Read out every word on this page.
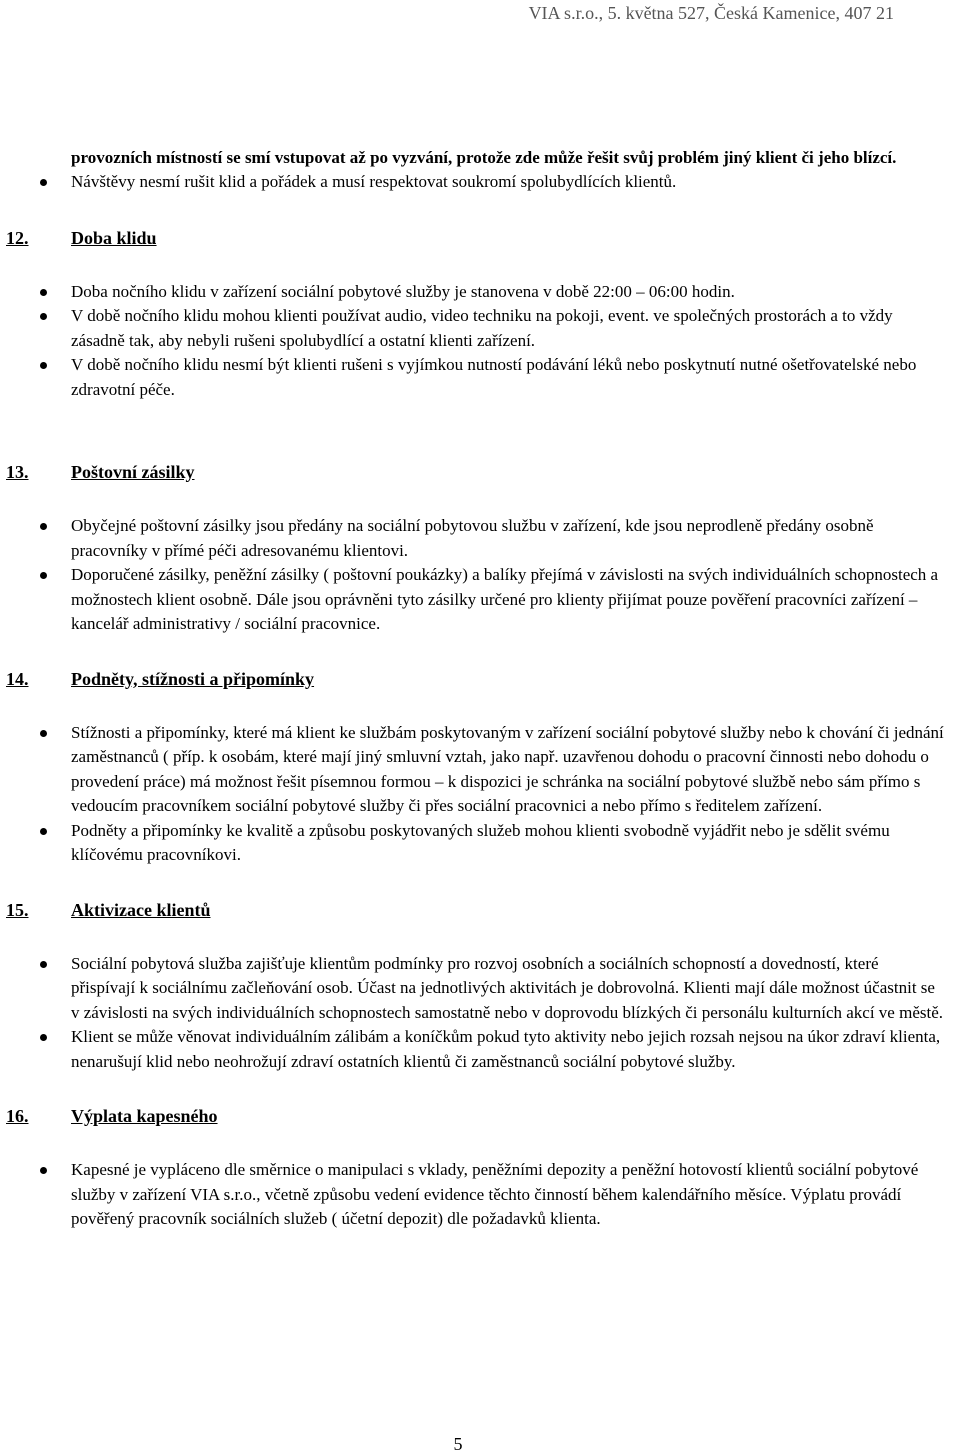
VIA s.r.o., 5. května 527, Česká Kamenice, 407 21
provozních místností se smí vstupovat až po vyzvání, protože zde může řešit svůj problém jiný klient či jeho blízcí.
Návštěvy nesmí rušit klid a pořádek a musí respektovat soukromí spolubydlících klientů.
12. Doba klidu
Doba nočního klidu v zařízení sociální pobytové služby je stanovena v době 22:00 – 06:00 hodin.
V době nočního klidu mohou klienti používat audio, video techniku na pokoji, event. ve společných prostorách a to vždy zásadně tak, aby nebyli rušeni spolubydlící a ostatní klienti zařízení.
V době nočního klidu nesmí být klienti rušeni s vyjímkou nutností podávání léků nebo poskytnutí nutné ošetřovatelské nebo zdravotní péče.
13. Poštovní zásilky
Obyčejné poštovní zásilky jsou předány na sociální pobytovou službu v zařízení, kde jsou neprodleně předány osobně pracovníky v přímé péči adresovanému klientovi.
Doporučené zásilky, peněžní zásilky ( poštovní poukázky) a balíky přejímá v závislosti na svých individuálních schopnostech a možnostech klient osobně. Dále jsou oprávněni tyto zásilky určené pro klienty přijímat pouze pověření pracovníci zařízení – kancelář administrativy / sociální pracovnice.
14. Podněty, stížnosti a připomínky
Stížnosti a připomínky, které má klient ke službám poskytovaným v zařízení sociální pobytové služby nebo k chování či jednání zaměstnanců ( příp. k osobám, které mají jiný smluvní vztah, jako např. uzavřenou dohodu o pracovní činnosti nebo dohodu o provedení práce) má možnost řešit písemnou formou – k dispozici je schránka na sociální pobytové službě nebo sám přímo s vedoucím pracovníkem sociální pobytové služby či přes sociální pracovnici a nebo přímo s ředitelem zařízení.
Podněty a připomínky ke kvalitě a způsobu poskytovaných služeb mohou klienti svobodně vyjádřit nebo je sdělit svému klíčovému pracovníkovi.
15. Aktivizace klientů
Sociální pobytová služba zajišťuje klientům podmínky pro rozvoj osobních a sociálních schopností a dovedností, které přispívají k sociálnímu začleňování osob. Účast na jednotlivých aktivitách je dobrovolná. Klienti mají dále možnost účastnit se v závislosti na svých individuálních schopnostech samostatně nebo v doprovodu blízkých či personálu kulturních akcí ve městě.
Klient se může věnovat individuálním zálibám a koníčkům pokud tyto aktivity nebo jejich rozsah nejsou na úkor zdraví klienta, nenarušují klid nebo neohrožují zdraví ostatních klientů či zaměstnanců sociální pobytové služby.
16. Výplata kapesného
Kapesné je vypláceno dle směrnice o manipulaci s vklady, peněžními depozity a peněžní hotovostí klientů sociální pobytové služby v zařízení VIA s.r.o., včetně způsobu vedení evidence těchto činností během kalendářního měsíce. Výplatu provádí pověřený pracovník sociálních služeb ( účetní depozit) dle požadavků klienta.
5
